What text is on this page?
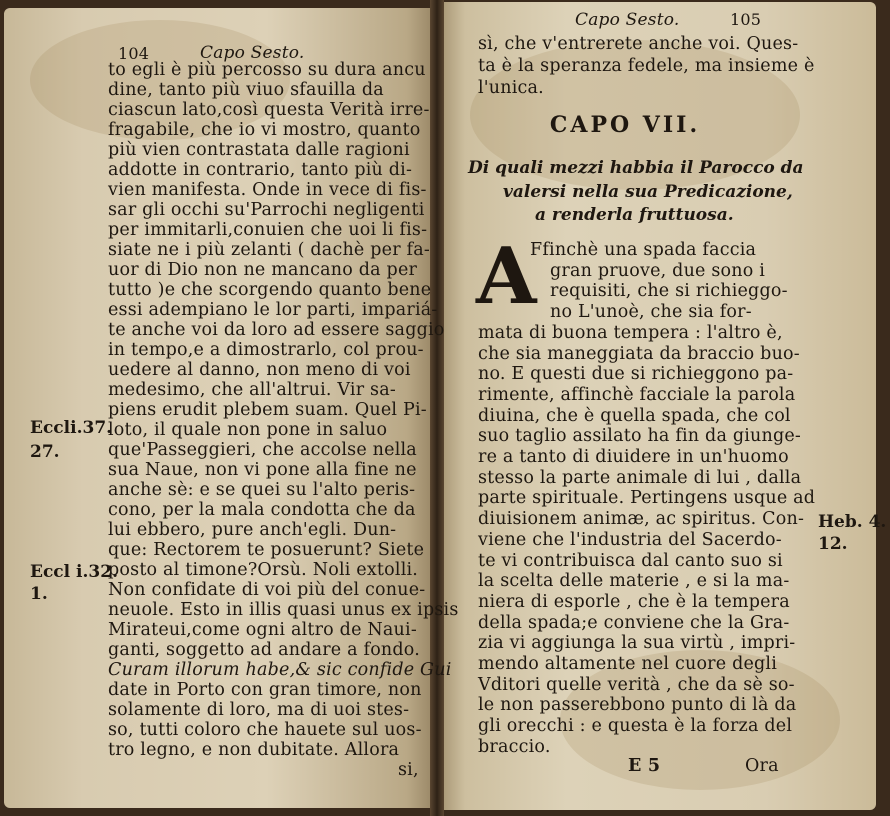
104	Capo Sesto.
to egli è più percosso su dura ancu
dine, tanto più viuo sfauilla da
ciascun lato,così questa Verità irre-
fragabile, che io vi mostro, quanto
più vien contrastata dalle ragioni
addotte in contrario, tanto più di-
vien manifesta. Onde in vece di fis-
sar gli occhi su'Parrochi negligenti
per immitarli,conuien che uoi li fis-
siate ne i più zelanti ( dachè per fa-
uor di Dio non ne mancano da per
tutto )e che scorgendo quanto bene
essi adempiano le lor parti, impariá-
te anche voi da loro ad essere saggio
in tempo,e a dimostrarlo, col prou-
uedere al danno, non meno di voi
medesimo, che all'altrui. Vir sa-
piens erudit plebem suam. Quel Pi-
loto, il quale non pone in saluo
que'Passeggieri, che accolse nella
sua Naue, non vi pone alla fine ne
anche sè: e se quei su l'alto peris-
cono, per la mala condotta che da
lui ebbero, pure anch'egli. Dun-
que: Rectorem te posuerunt? Siete
posto al timone?Orsù. Noli extolli.
Non confidate di voi più del conue-
neuole. Esto in illis quasi unus ex ipsis
Mirateui,come ogni altro de Naui-
ganti, soggetto ad andare a fondo.
Curam illorum habe,& sic confide Gui
date in Porto con gran timore, non
solamente di loro, ma di uoi stes-
so, tutti coloro che hauete sul uos-
tro legno, e non dubitate. Allora
si,
Eccli.37.
27.
Eccl i.32.
1.
Capo Sesto.	105
sì, che v'entrerete anche voi. Ques-
ta è la speranza fedele, ma insieme è
l'unica.
CAPO VII.
Di quali mezzi habbia il Parocco da
valersi nella sua Predicazione,
a renderla fruttuosa.
A
Ffinchè una spada faccia
gran pruove, due sono i
requisiti, che si richieggo-
no L'unoè, che sia for-
mata di buona tempera : l'altro è,
che sia maneggiata da braccio buo-
no. E questi due si richieggono pa-
rimente, affinchè facciale la parola
diuina, che è quella spada, che col
suo taglio assilato ha fin da giunge-
re a tanto di diuidere in un'huomo
stesso la parte animale di lui , dalla
parte spirituale. Pertingens usque ad
diuisionem animæ, ac spiritus. Con-
viene che l'industria del Sacerdo-
te vi contribuisca dal canto suo si
la scelta delle materie , e si la ma-
niera di esporle , che è la tempera
della spada;e conviene che la Gra-
zia vi aggiunga la sua virtù , impri-
mendo altamente nel cuore degli
Vditori quelle verità , che da sè so-
le non passerebbono punto di là da
gli orecchi : e questa è la forza del
braccio.
Heb. 4.
12.
E 5	Ora
